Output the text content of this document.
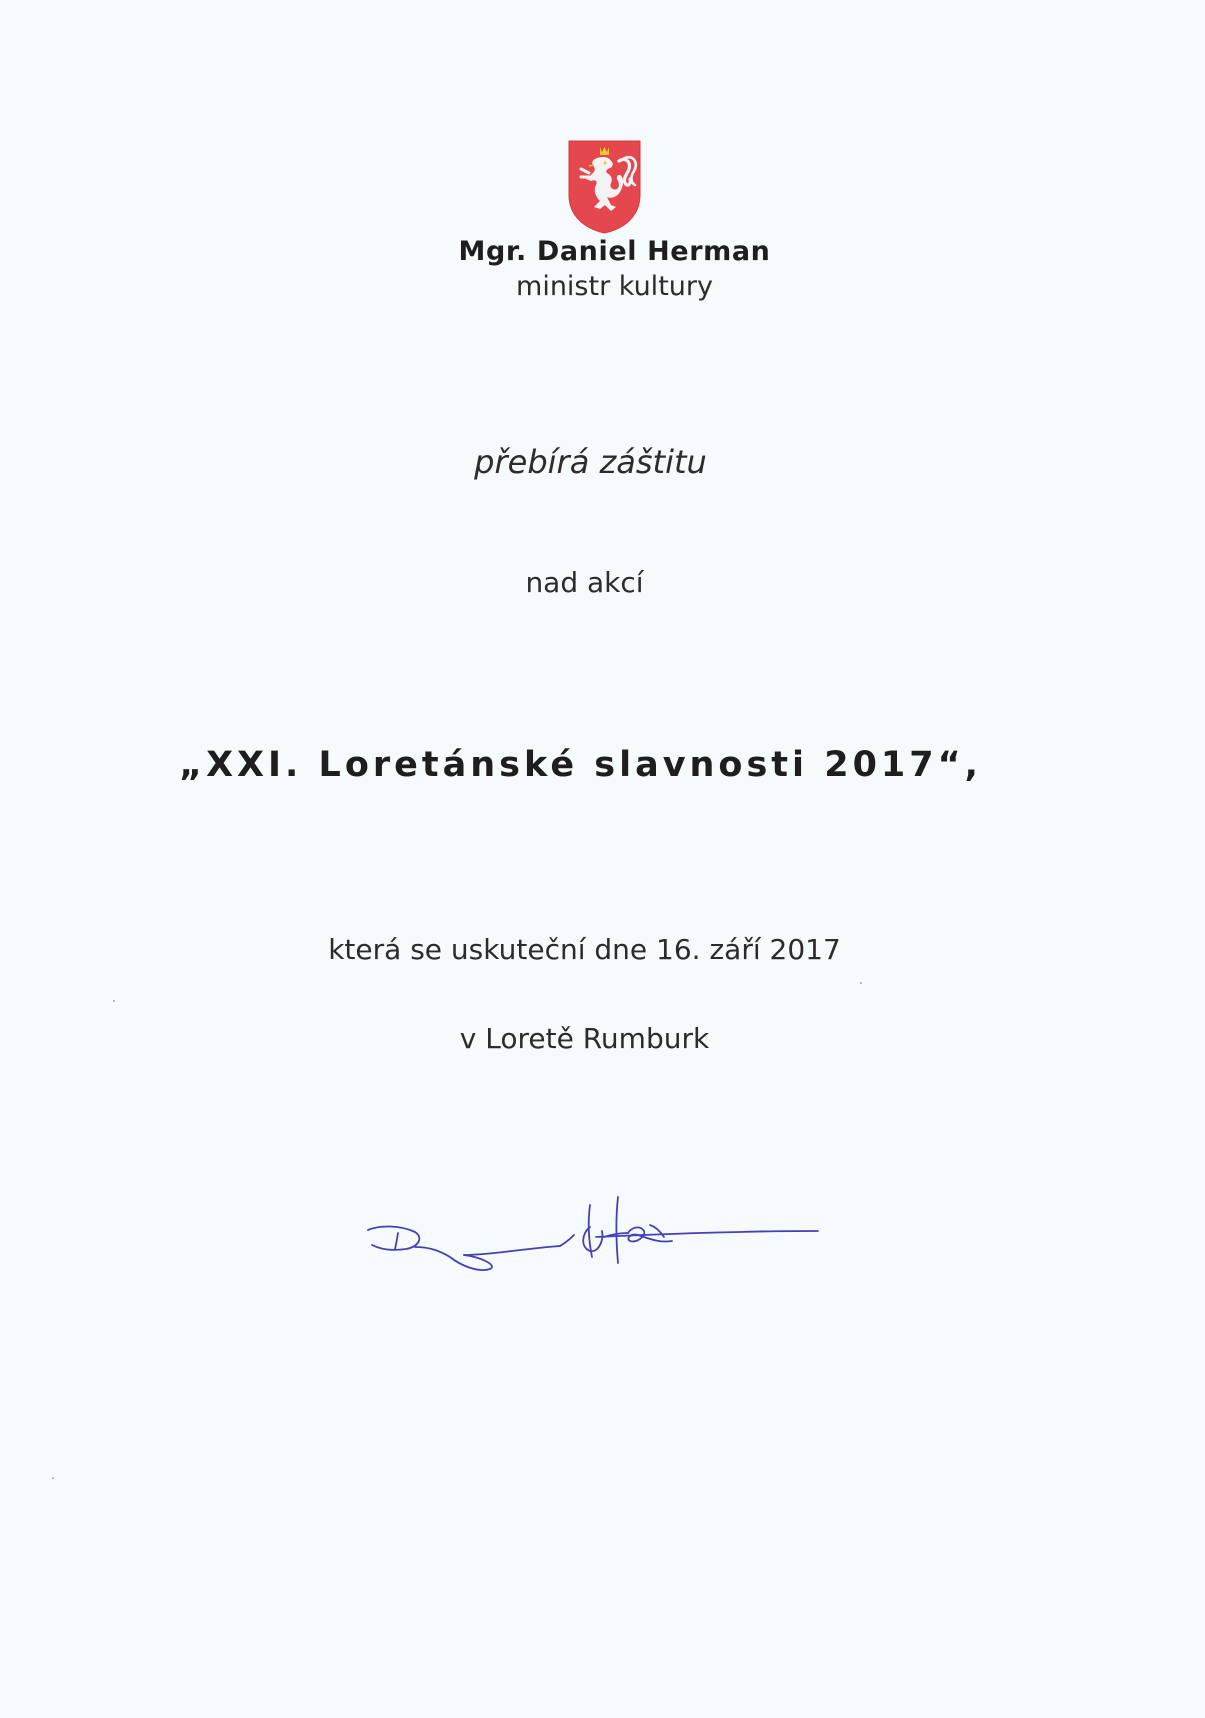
Mgr. Daniel Herman
ministr kultury
přebírá záštitu
nad akcí
„XXI. Loretánské slavnosti 2017“,
která se uskuteční dne 16. září 2017
v Loretě Rumburk
